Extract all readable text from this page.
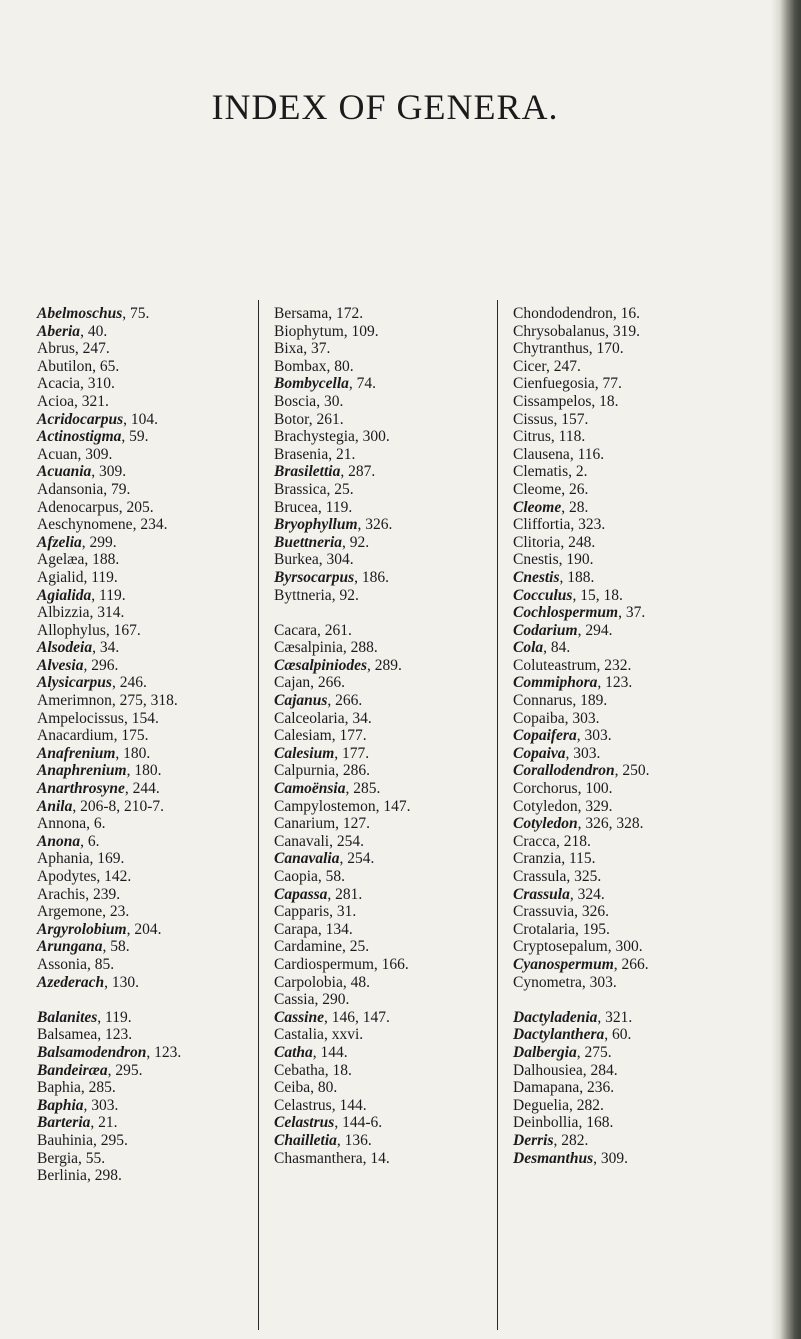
INDEX OF GENERA.
Abelmoschus, 75.
Aberia, 40.
Abrus, 247.
Abutilon, 65.
Acacia, 310.
Acioa, 321.
Acridocarpus, 104.
Actinostigma, 59.
Acuan, 309.
Acuania, 309.
Adansonia, 79.
Adenocarpus, 205.
Aeschynomene, 234.
Afzelia, 299.
Agelæa, 188.
Agialid, 119.
Agialida, 119.
Albizzia, 314.
Allophylus, 167.
Alsodeia, 34.
Alvesia, 296.
Alysicarpus, 246.
Amerimnon, 275, 318.
Ampelocissus, 154.
Anacardium, 175.
Anafrenium, 180.
Anaphrenium, 180.
Anarthrosyne, 244.
Anila, 206-8, 210-7.
Annona, 6.
Anona, 6.
Aphania, 169.
Apodytes, 142.
Arachis, 239.
Argemone, 23.
Argyrolobium, 204.
Arungana, 58.
Assonia, 85.
Azederach, 130.
Balanites, 119.
Balsamea, 123.
Balsamodendron, 123.
Bandeiræa, 295.
Baphia, 285.
Baphia, 303.
Barteria, 21.
Bauhinia, 295.
Bergia, 55.
Berlinia, 298.
Bersama, 172.
Biophytum, 109.
Bixa, 37.
Bombax, 80.
Bombycella, 74.
Boscia, 30.
Botor, 261.
Brachystegia, 300.
Brasenia, 21.
Brasilettia, 287.
Brassica, 25.
Brucea, 119.
Bryophyllum, 326.
Buettneria, 92.
Burkea, 304.
Byrsocarpus, 186.
Byttneria, 92.
Cacara, 261.
Cæsalpinia, 288.
Cæsalpiniodes, 289.
Cajan, 266.
Cajanus, 266.
Calceolaria, 34.
Calesiam, 177.
Calesium, 177.
Calpurnia, 286.
Camoënsia, 285.
Campylostemon, 147.
Canarium, 127.
Canavali, 254.
Canavalia, 254.
Caopia, 58.
Capassa, 281.
Capparis, 31.
Carapa, 134.
Cardamine, 25.
Cardiospermum, 166.
Carpolobia, 48.
Cassia, 290.
Cassine, 146, 147.
Castalia, xxvi.
Catha, 144.
Cebatha, 18.
Ceiba, 80.
Celastrus, 144.
Celastrus, 144-6.
Chailletia, 136.
Chasmanthera, 14.
Chondodendron, 16.
Chrysobalanus, 319.
Chytranthus, 170.
Cicer, 247.
Cienfuegosia, 77.
Cissampelos, 18.
Cissus, 157.
Citrus, 118.
Clausena, 116.
Clematis, 2.
Cleome, 26.
Cleome, 28.
Cliffortia, 323.
Clitoria, 248.
Cnestis, 190.
Cnestis, 188.
Cocculus, 15, 18.
Cochlospermum, 37.
Codarium, 294.
Cola, 84.
Coluteastrum, 232.
Commiphora, 123.
Connarus, 189.
Copaiba, 303.
Copaifera, 303.
Copaiva, 303.
Corallodendron, 250.
Corchorus, 100.
Cotyledon, 329.
Cotyledon, 326, 328.
Cracca, 218.
Cranzia, 115.
Crassula, 325.
Crassula, 324.
Crassuvia, 326.
Crotalaria, 195.
Cryptosepalum, 300.
Cyanospermum, 266.
Cynometra, 303.
Dactyladenia, 321.
Dactylanthera, 60.
Dalbergia, 275.
Dalhousiea, 284.
Damapana, 236.
Deguelia, 282.
Deinbollia, 168.
Derris, 282.
Desmanthus, 309.
